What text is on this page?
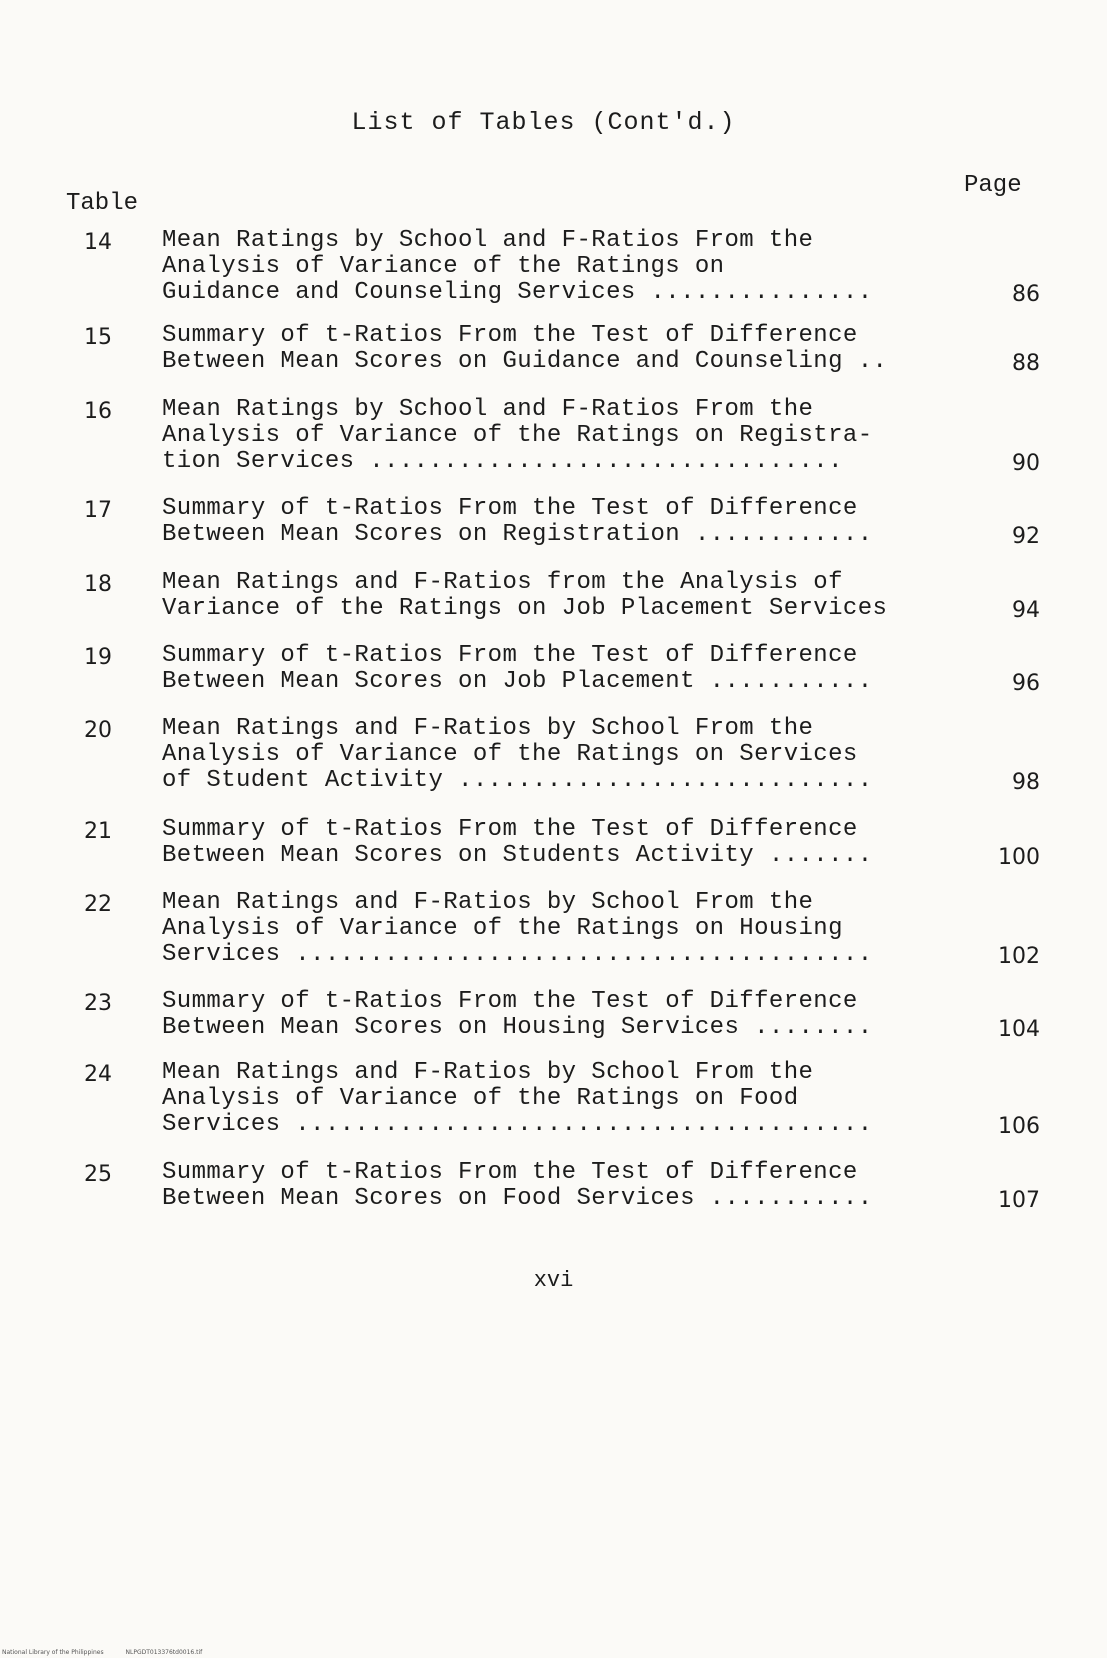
List of Tables (Cont'd.)
Table
Page
14	Mean Ratings by School and F-Ratios From the
Analysis of Variance of the Ratings on
Guidance and Counseling Services ...............	86
15	Summary of t-Ratios From the Test of Difference
Between Mean Scores on Guidance and Counseling ..	88
16	Mean Ratings by School and F-Ratios From the
Analysis of Variance of the Ratings on Registra-
tion Services ................................	90
17	Summary of t-Ratios From the Test of Difference
Between Mean Scores on Registration ............	92
18	Mean Ratings and F-Ratios from the Analysis of
Variance of the Ratings on Job Placement Services	94
19	Summary of t-Ratios From the Test of Difference
Between Mean Scores on Job Placement ...........	96
20	Mean Ratings and F-Ratios by School From the
Analysis of Variance of the Ratings on Services
of Student Activity ............................	98
21	Summary of t-Ratios From the Test of Difference
Between Mean Scores on Students Activity .......	100
22	Mean Ratings and F-Ratios by School From the
Analysis of Variance of the Ratings on Housing
Services .......................................	102
23	Summary of t-Ratios From the Test of Difference
Between Mean Scores on Housing Services ........	104
24	Mean Ratings and F-Ratios by School From the
Analysis of Variance of the Ratings on Food
Services .......................................	106
25	Summary of t-Ratios From the Test of Difference
Between Mean Scores on Food Services ...........	107
xvi
National Library of the Philippines	NLPGDT013376td0016.tif
